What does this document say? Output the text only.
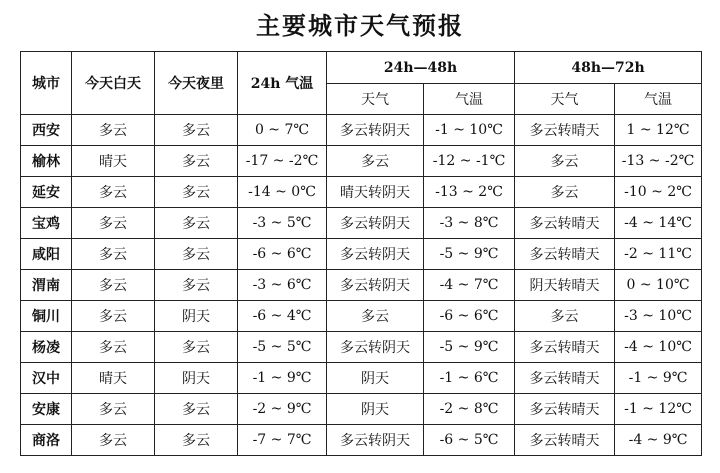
主要城市天气预报
城市	今天白天	今天夜里	24h 气温	24h—48h		48h—72h	
				天气	气温	天气	气温
西安	多云	多云	0 ~ 7℃	多云转阴天	-1 ~ 10℃	多云转晴天	1 ~ 12℃
榆林	晴天	多云	-17 ~ -2℃	多云	-12 ~ -1℃	多云	-13 ~ -2℃
延安	多云	多云	-14 ~ 0℃	晴天转阴天	-13 ~ 2℃	多云	-10 ~ 2℃
宝鸡	多云	多云	-3 ~ 5℃	多云转阴天	-3 ~ 8℃	多云转晴天	-4 ~ 14℃
咸阳	多云	多云	-6 ~ 6℃	多云转阴天	-5 ~ 9℃	多云转晴天	-2 ~ 11℃
渭南	多云	多云	-3 ~ 6℃	多云转阴天	-4 ~ 7℃	阴天转晴天	0 ~ 10℃
铜川	多云	阴天	-6 ~ 4℃	多云	-6 ~ 6℃	多云	-3 ~ 10℃
杨凌	多云	多云	-5 ~ 5℃	多云转阴天	-5 ~ 9℃	多云转晴天	-4 ~ 10℃
汉中	晴天	阴天	-1 ~ 9℃	阴天	-1 ~ 6℃	多云转晴天	-1 ~ 9℃
安康	多云	多云	-2 ~ 9℃	阴天	-2 ~ 8℃	多云转晴天	-1 ~ 12℃
商洛	多云	多云	-7 ~ 7℃	多云转阴天	-6 ~ 5℃	多云转晴天	-4 ~ 9℃
